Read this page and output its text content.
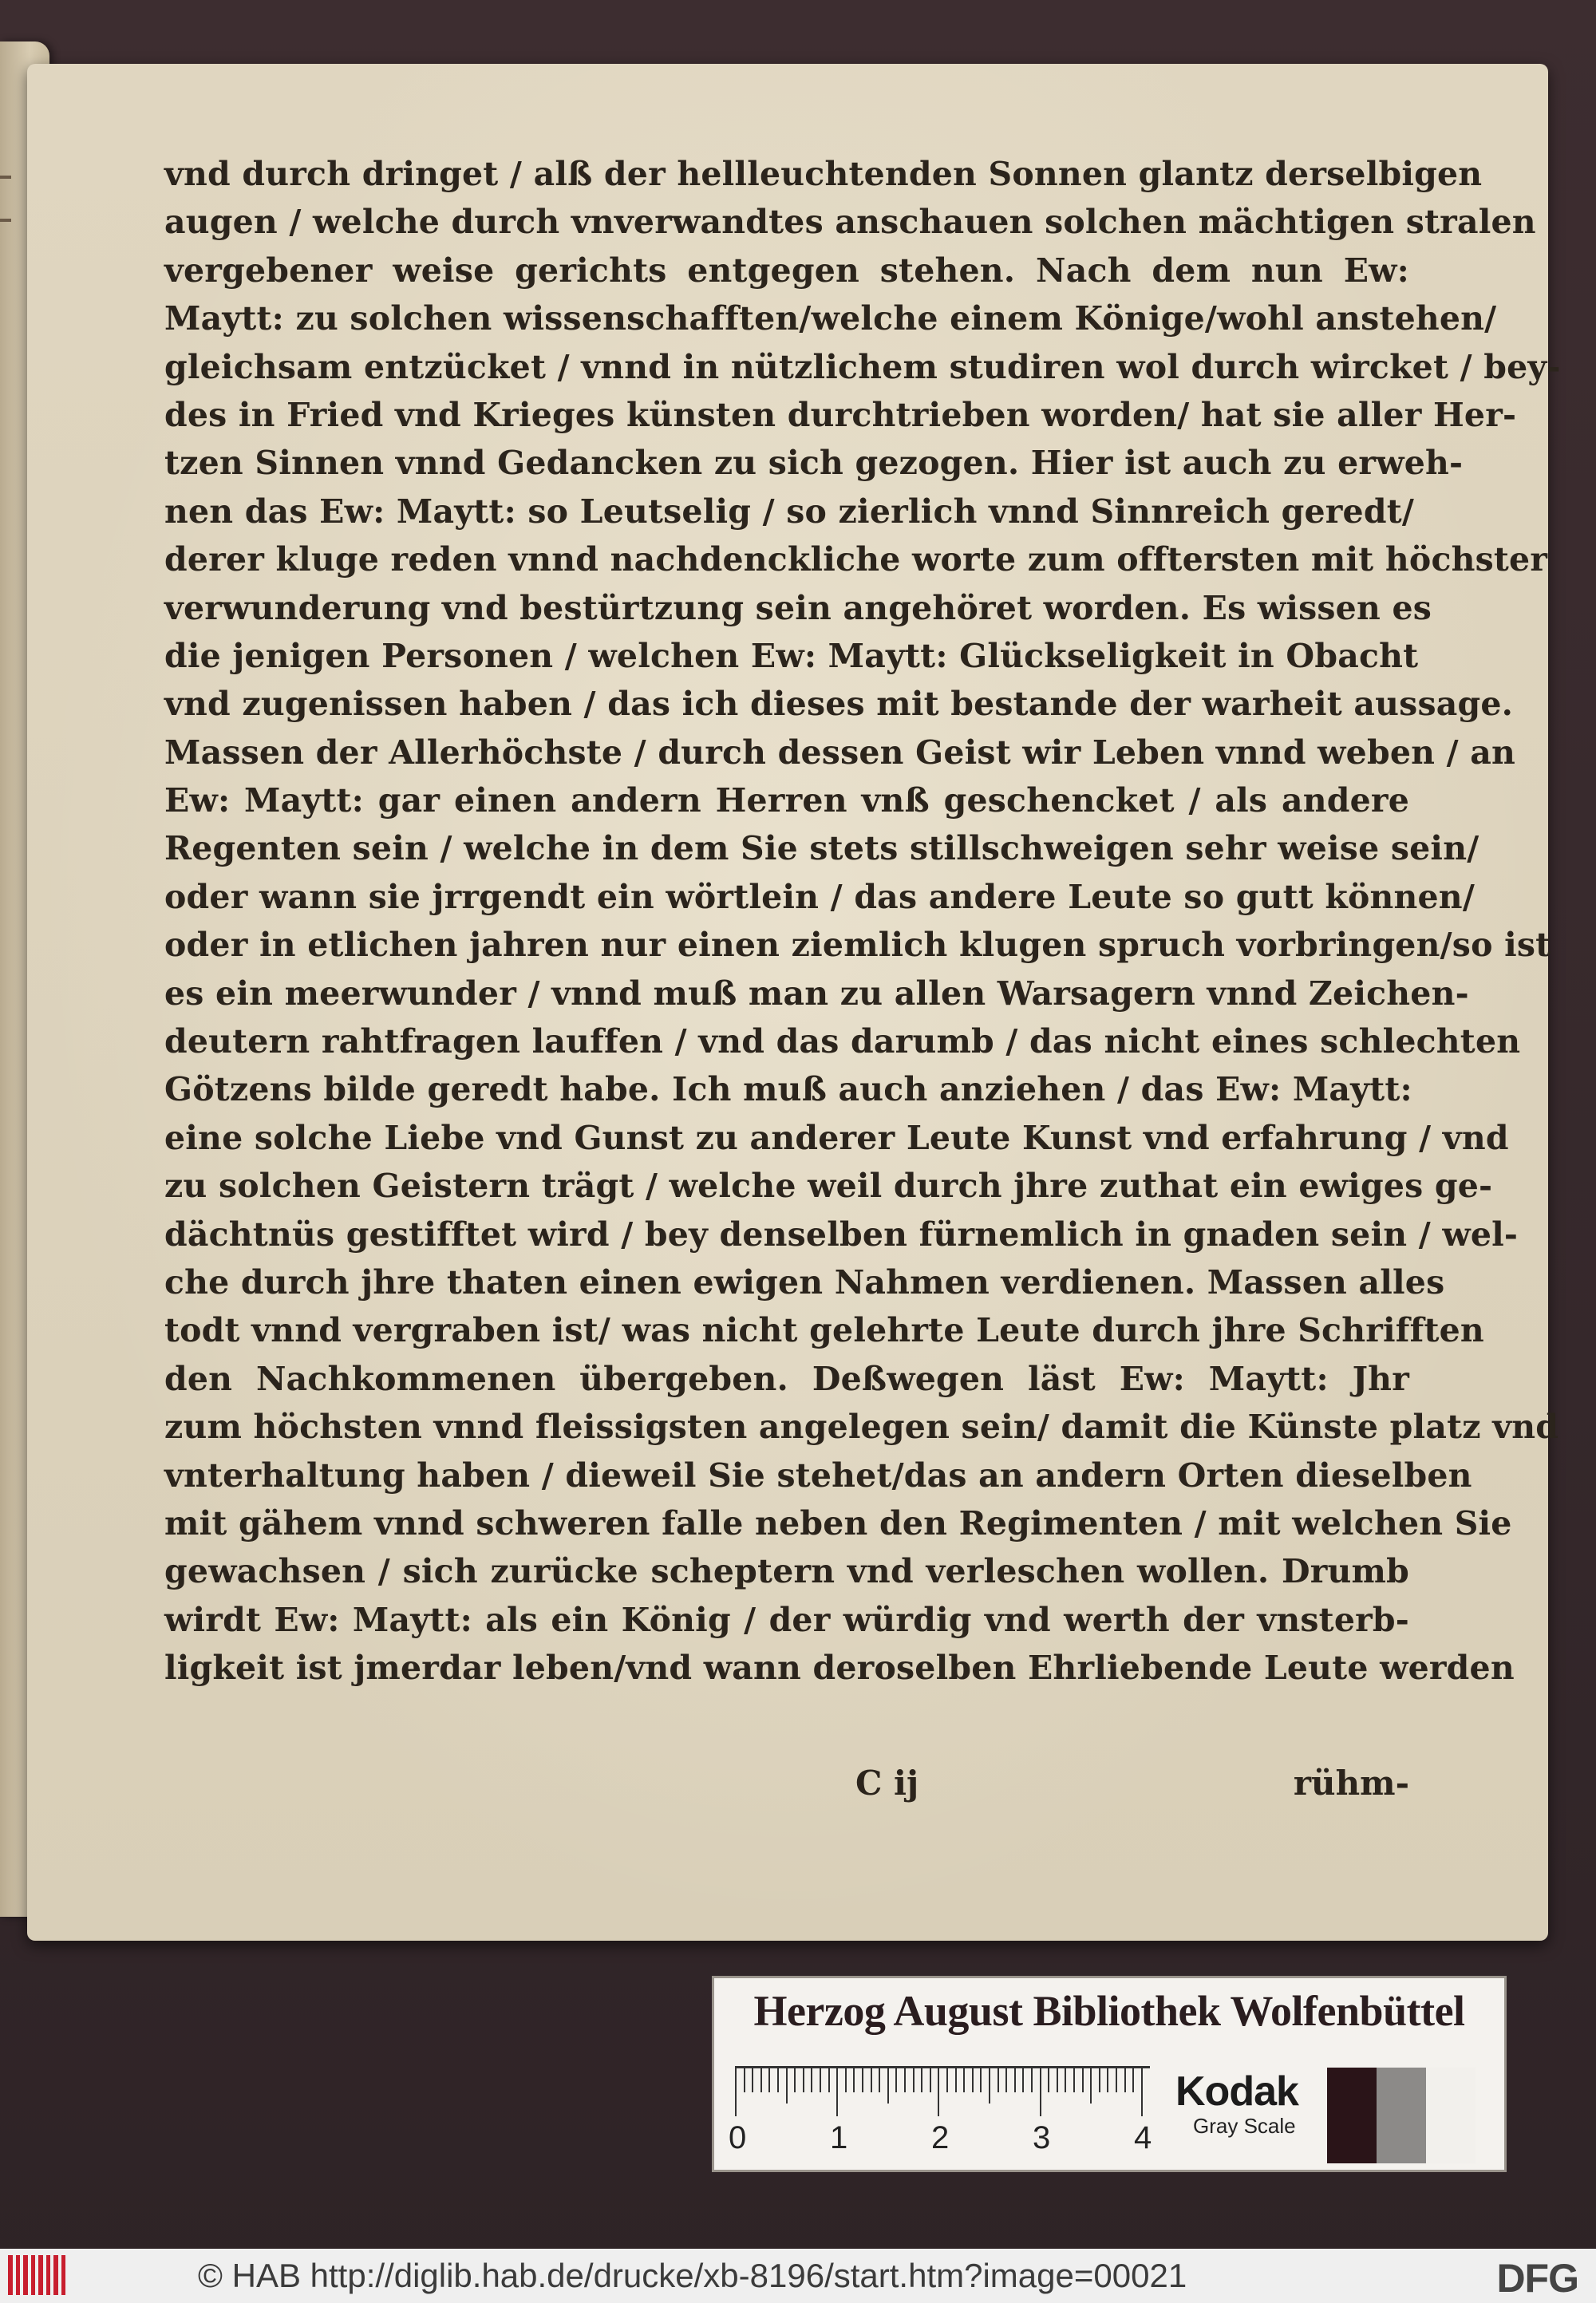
vnd durch dringet / alß der hellleuchtenden Sonnen glantz derselbigen
augen / welche durch vnverwandtes anschauen solchen mächtigen stralen
vergebener weise gerichts entgegen stehen. Nach dem nun Ew:
Maytt: zu solchen wissenschafften/welche einem Könige/wohl anstehen/
gleichsam entzücket / vnnd in nützlichem studiren wol durch wircket / bey-
des in Fried vnd Krieges künsten durchtrieben worden/ hat sie aller Her-
tzen Sinnen vnnd Gedancken zu sich gezogen. Hier ist auch zu erweh-
nen das Ew: Maytt: so Leutselig / so zierlich vnnd Sinnreich geredt/
derer kluge reden vnnd nachdenckliche worte zum offtersten mit höchster
verwunderung vnd bestürtzung sein angehöret worden. Es wissen es
die jenigen Personen / welchen Ew: Maytt: Glückseligkeit in Obacht
vnd zugenissen haben / das ich dieses mit bestande der warheit aussage.
Massen der Allerhöchste / durch dessen Geist wir Leben vnnd weben / an
Ew: Maytt: gar einen andern Herren vnß geschencket / als andere
Regenten sein / welche in dem Sie stets stillschweigen sehr weise sein/
oder wann sie jrrgendt ein wörtlein / das andere Leute so gutt können/
oder in etlichen jahren nur einen ziemlich klugen spruch vorbringen/so ist
es ein meerwunder / vnnd muß man zu allen Warsagern vnnd Zeichen-
deutern rahtfragen lauffen / vnd das darumb / das nicht eines schlechten
Götzens bilde geredt habe. Ich muß auch anziehen / das Ew: Maytt:
eine solche Liebe vnd Gunst zu anderer Leute Kunst vnd erfahrung / vnd
zu solchen Geistern trägt / welche weil durch jhre zuthat ein ewiges ge-
dächtnüs gestifftet wird / bey denselben fürnemlich in gnaden sein / wel-
che durch jhre thaten einen ewigen Nahmen verdienen. Massen alles
todt vnnd vergraben ist/ was nicht gelehrte Leute durch jhre Schrifften
den Nachkommenen übergeben. Deßwegen läst Ew: Maytt: Jhr
zum höchsten vnnd fleissigsten angelegen sein/ damit die Künste platz vnd
vnterhaltung haben / dieweil Sie stehet/das an andern Orten dieselben
mit gähem vnnd schweren falle neben den Regimenten / mit welchen Sie
gewachsen / sich zurücke scheptern vnd verleschen wollen. Drumb
wirdt Ew: Maytt: als ein König / der würdig vnd werth der vnsterb-
ligkeit ist jmerdar leben/vnd wann deroselben Ehrliebende Leute werden
C ij	rühm-
Herzog August Bibliothek Wolfenbüttel
0	1	2	3	4
Kodak
Gray Scale
© HAB http://diglib.hab.de/drucke/xb-8196/start.htm?image=00021	DFG
